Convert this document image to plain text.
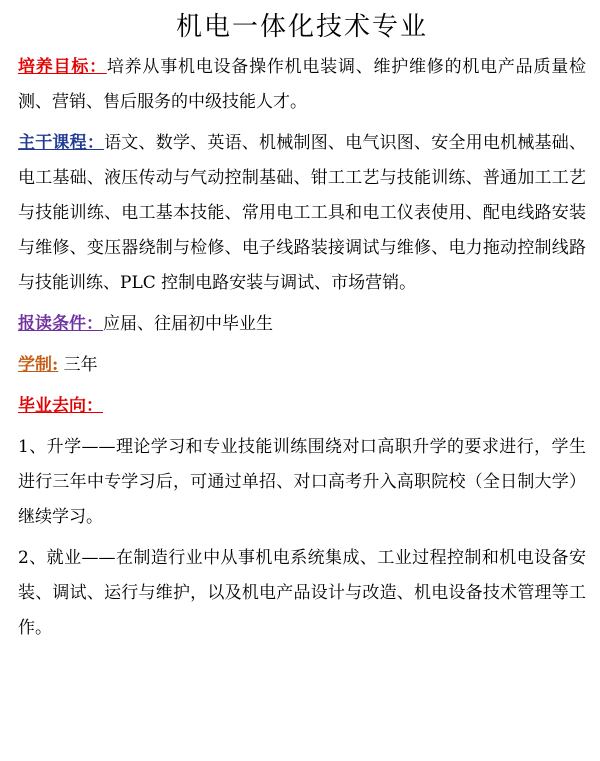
机电一体化技术专业

培养目标：培养从事机电设备操作机电装调、维护维修的机电产品质量检测、营销、售后服务的中级技能人才。

主干课程：语文、数学、英语、机械制图、电气识图、安全用电机械基础、电工基础、液压传动与气动控制基础、钳工工艺与技能训练、普通加工工艺与技能训练、电工基本技能、常用电工工具和电工仪表使用、配电线路安装与维修、变压器绕制与检修、电子线路装接调试与维修、电力拖动控制线路与技能训练、PLC 控制电路安装与调试、市场营销。

报读条件：应届、往届初中毕业生

学制: 三年

毕业去向：

1、升学——理论学习和专业技能训练围绕对口高职升学的要求进行，学生进行三年中专学习后，可通过单招、对口高考升入高职院校（全日制大学）继续学习。

2、就业——在制造行业中从事机电系统集成、工业过程控制和机电设备安装、调试、运行与维护，以及机电产品设计与改造、机电设备技术管理等工作。
